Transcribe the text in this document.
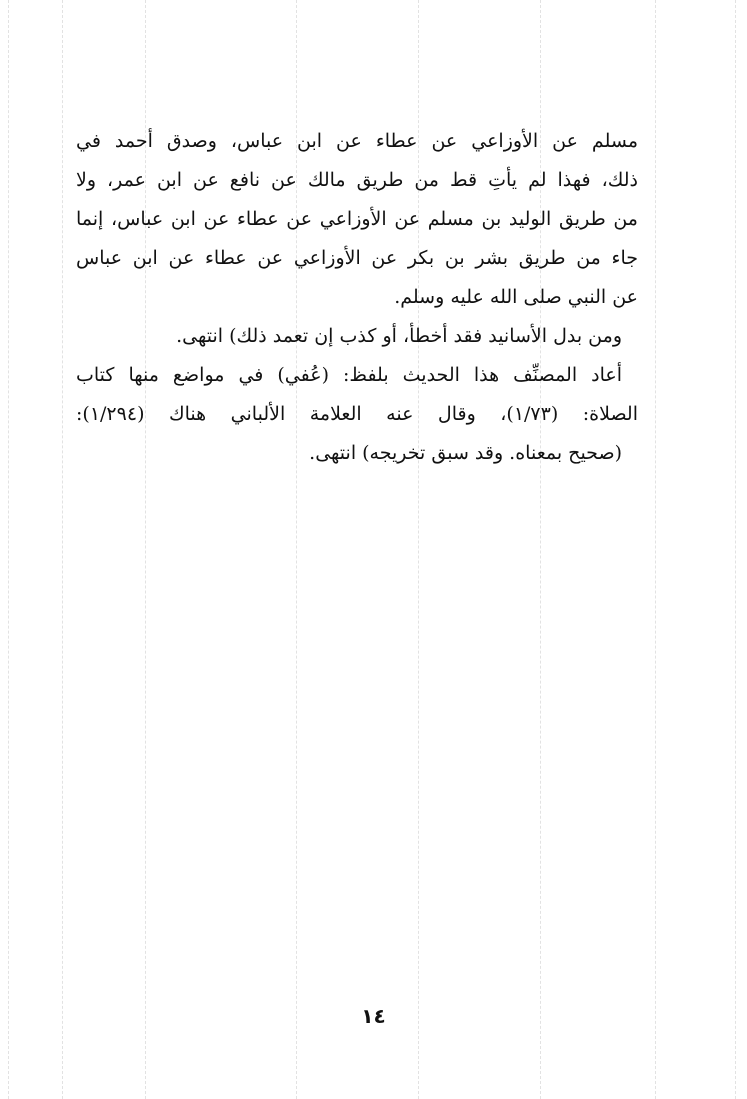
مسلم عن الأوزاعي عن عطاء عن ابن عباس، وصدق أحمد في
ذلك، فهذا لم يأتِ قط من طريق مالك عن نافع عن ابن عمر، ولا
من طريق الوليد بن مسلم عن الأوزاعي عن عطاء عن ابن عباس، إنما
جاء من طريق بشر بن بكر عن الأوزاعي عن عطاء عن ابن عباس
عن النبي صلى الله عليه وسلم.
ومن بدل الأسانيد فقد أخطأ، أو كذب إن تعمد ذلك) انتهى.
أعاد المصنِّف هذا الحديث بلفظ: (عُفي) في مواضع منها كتاب
الصلاة: (١/٧٣)، وقال عنه العلامة الألباني هناك (١/٢٩٤):
(صحيح بمعناه. وقد سبق تخريجه) انتهى.
١٤
